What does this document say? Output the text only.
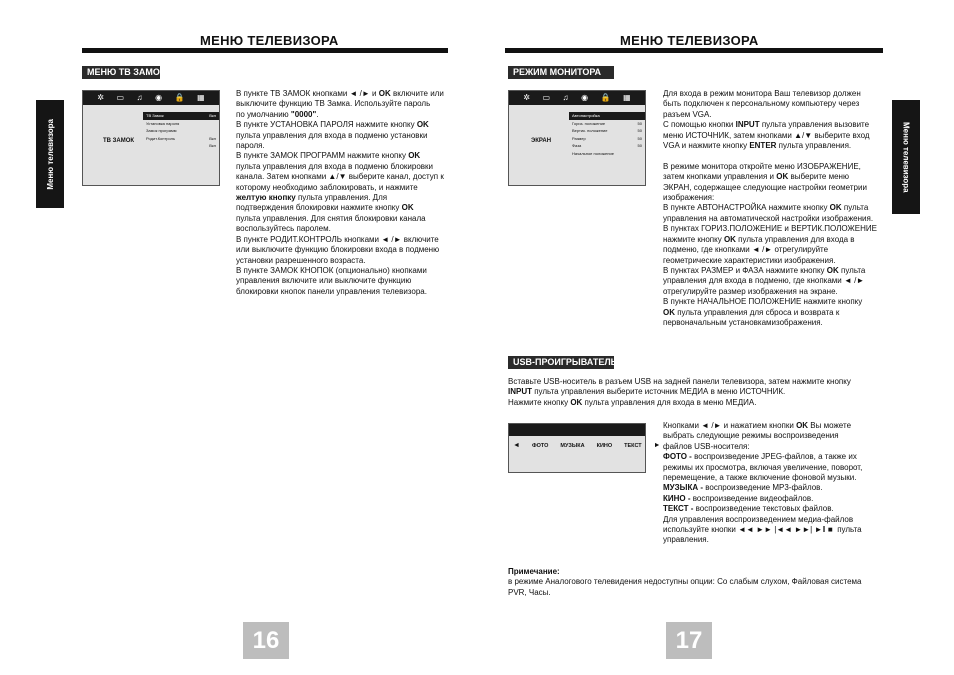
МЕНЮ ТЕЛЕВИЗОРА
Меню телевизора
МЕНЮ ТВ ЗАМОК
✲ ▭ ♫ ◉ 🔒 ▦
ТВ ЗАМОК
ТВ Замок	Вкл
Установка пароля
Замок программ
Родит.Контроль	Вкл
Вкл

В пункте ТВ ЗАМОК кнопками ◄ /► и OK включите или

выключите функцию ТВ Замка. Используйте пароль

по умолчанию "0000".

В пункте УСТАНОВКА ПАРОЛЯ нажмите кнопку OK

пульта управления для входа в подменю установки

пароля.

В пункте ЗАМОК ПРОГРАММ нажмите кнопку OK

пульта управления для входа в подменю блокировки

канала. Затем кнопками ▲/▼ выберите канал, доступ к

которому необходимо заблокировать, и нажмите

желтую кнопку пульта управления. Для

подтверждения блокировки нажмите кнопку OK

пульта управления. Для снятия блокировки канала

воспользуйтесь паролем.

В пункте РОДИТ.КОНТРОЛЬ кнопками ◄ /► включите

или выключите функцию блокировки входа в подменю

установки разрешенного возраста.

В пункте ЗАМОК КНОПОК (опционально) кнопками

управления включите или выключите функцию

блокировки кнопок панели управления телевизора.

16
МЕНЮ ТЕЛЕВИЗОРА
Меню телевизора
РЕЖИМ МОНИТОРА
✲ ▭ ♫ ◉ 🔒 ▦
ЭКРАН
Автонастройка
Гориз. положение	50
Вертик. положение	50
Размер	50
Фаза	50
Начальное положение

Для входа в режим монитора Ваш телевизор должен

быть подключен к персональному компьютеру через

разъем VGA.

С помощью кнопки INPUT пульта управления вызовите

меню ИСТОЧНИК, затем кнопками ▲/▼ выберите вход

VGA и нажмите кнопку ENTER пульта управления.

В режиме монитора откройте меню ИЗОБРАЖЕНИЕ,

затем кнопками управления и OK выберите меню

ЭКРАН, содержащее следующие настройки геометрии

изображения:

В пункте АВТОНАСТРОЙКА нажмите кнопку OK пульта

управления на автоматической настройки изображения.

В пунктах ГОРИЗ.ПОЛОЖЕНИЕ и ВЕРТИК.ПОЛОЖЕНИЕ

нажмите кнопку OK пульта управления для входа в

подменю, где кнопками ◄ /► отрегулируйте

геометрические характеристики изображения.

В пунктах РАЗМЕР и ФАЗА нажмите кнопку OK пульта

управления для входа в подменю, где кнопками ◄ /►

отрегулируйте размер изображения на экране.

В пункте НАЧАЛЬНОЕ ПОЛОЖЕНИЕ нажмите кнопку

OK пульта управления для сброса и возврата к

первоначальным установкамизображения.

USB-ПРОИГРЫВАТЕЛЬ

Вставьте USB-носитель в разъем USB на задней панели телевизора, затем нажмите кнопку

INPUT пульта управления выберите источник МЕДИА в меню ИСТОЧНИК.

Нажмите кнопку OK пульта управления для входа в меню МЕДИА.

◄ ФОТО МУЗЫКА КИНО ТЕКСТ ►

Кнопками ◄ /► и нажатием кнопки OK Вы можете

выбрать следующие режимы воспроизведения

файлов USB-носителя:

ФОТО - воспроизведение JPEG-файлов, а также их

режимы их просмотра, включая увеличение, поворот,

перемещение, а также включение фоновой музыки.

МУЗЫКА - воспроизведение MP3-файлов.

КИНО - воспроизведение видеофайлов.

ТЕКСТ - воспроизведение текстовых файлов.

Для управления воспроизведением медиа-файлов

используйте кнопки ◄◄ ►► |◄◄ ►►| ►‖ ■  пульта

управления.

Примечание:

в режиме Аналогового телевидения недоступны опции: Со слабым слухом, Файловая система

PVR, Часы.

17
